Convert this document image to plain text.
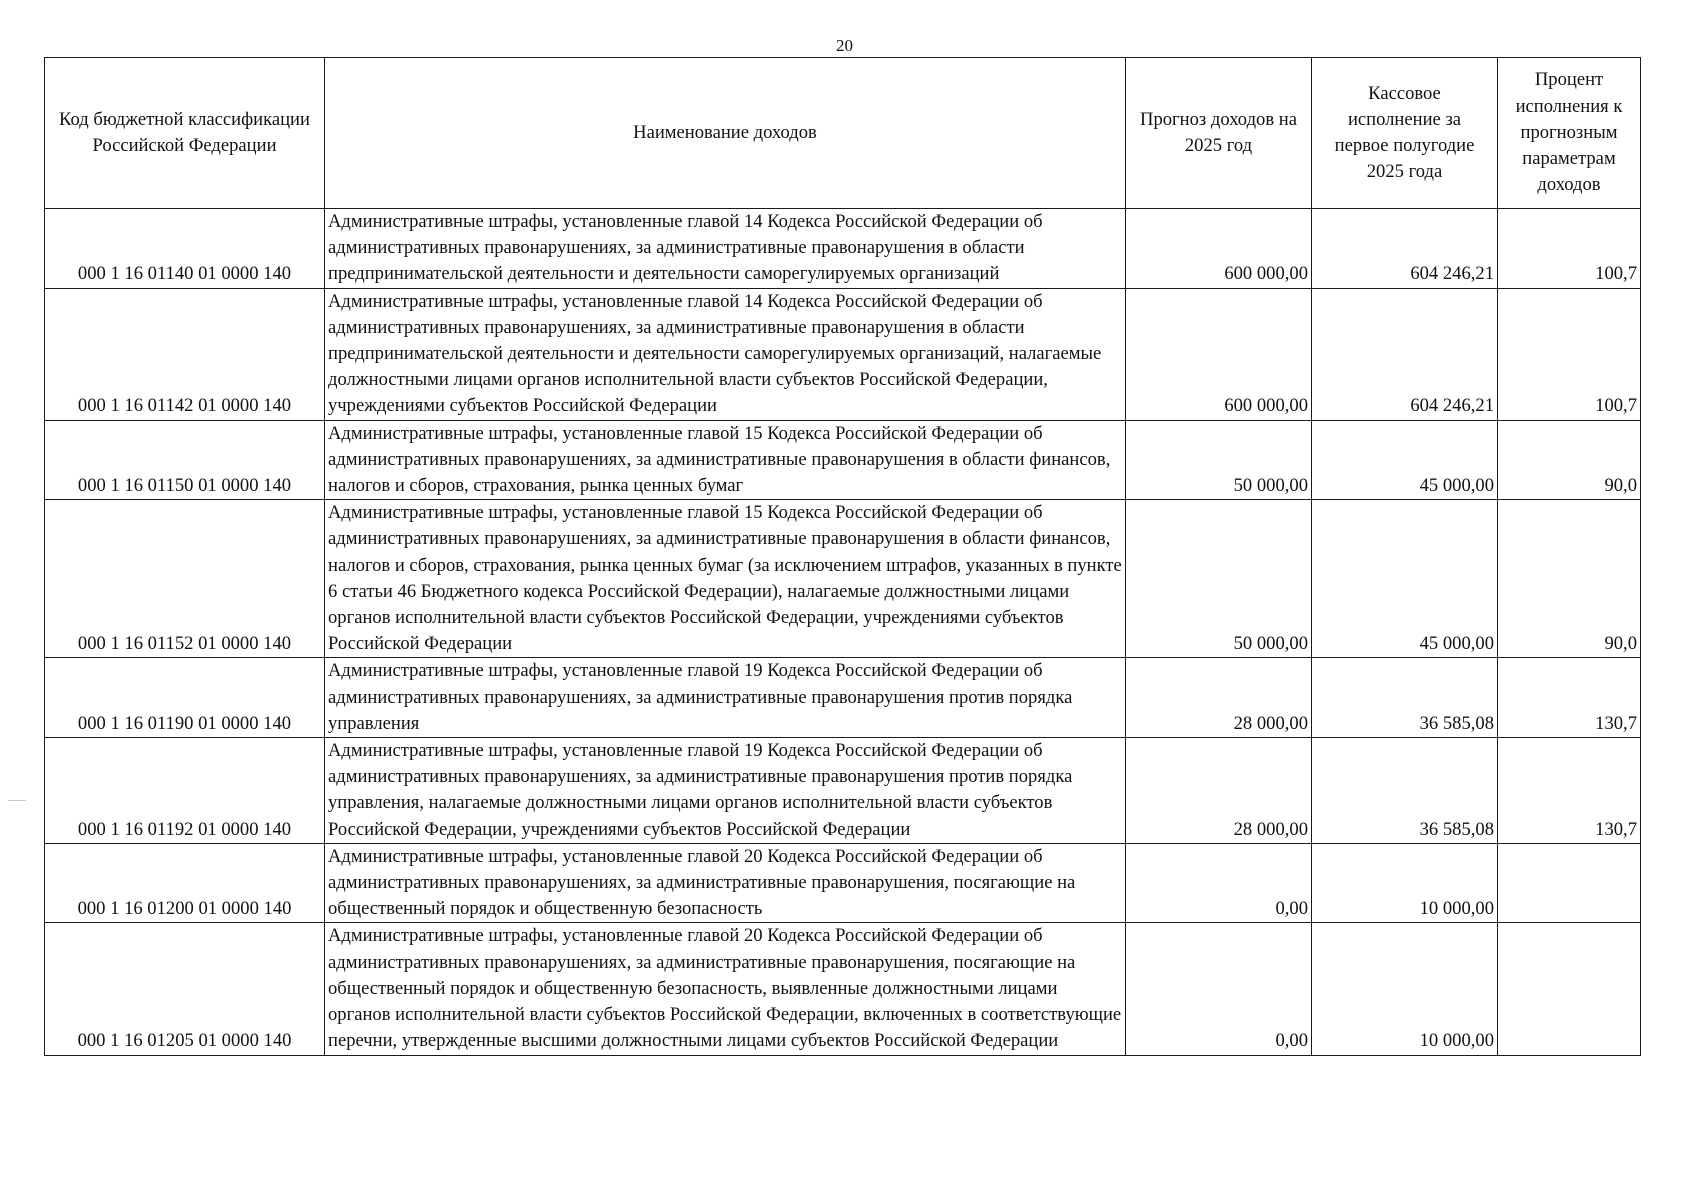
20
Код бюджетной классификации Российской Федерации	Наименование доходов	Прогноз доходов на 2025 год	Кассовое исполнение за первое полугодие 2025 года	Процент исполнения к прогнозным параметрам доходов
000 1 16 01140 01 0000 140	Административные штрафы, установленные главой 14 Кодекса Российской Федерации об административных правонарушениях, за административные правонарушения в области предпринимательской деятельности и деятельности саморегулируемых организаций	600 000,00	604 246,21	100,7
000 1 16 01142 01 0000 140	Административные штрафы, установленные главой 14 Кодекса Российской Федерации об административных правонарушениях, за административные правонарушения в области предпринимательской деятельности и деятельности саморегулируемых организаций, налагаемые должностными лицами органов исполнительной власти субъектов Российской Федерации, учреждениями субъектов Российской Федерации	600 000,00	604 246,21	100,7
000 1 16 01150 01 0000 140	Административные штрафы, установленные главой 15 Кодекса Российской Федерации об административных правонарушениях, за административные правонарушения в области финансов, налогов и сборов, страхования, рынка ценных бумаг	50 000,00	45 000,00	90,0
000 1 16 01152 01 0000 140	Административные штрафы, установленные главой 15 Кодекса Российской Федерации об административных правонарушениях, за административные правонарушения в области финансов, налогов и сборов, страхования, рынка ценных бумаг (за исключением штрафов, указанных в пункте 6 статьи 46 Бюджетного кодекса Российской Федерации), налагаемые должностными лицами органов исполнительной власти субъектов Российской Федерации, учреждениями субъектов Российской Федерации	50 000,00	45 000,00	90,0
000 1 16 01190 01 0000 140	Административные штрафы, установленные главой 19 Кодекса Российской Федерации об административных правонарушениях, за административные правонарушения против порядка управления	28 000,00	36 585,08	130,7
000 1 16 01192 01 0000 140	Административные штрафы, установленные главой 19 Кодекса Российской Федерации об административных правонарушениях, за административные правонарушения против порядка управления, налагаемые должностными лицами органов исполнительной власти субъектов Российской Федерации, учреждениями субъектов Российской Федерации	28 000,00	36 585,08	130,7
000 1 16 01200 01 0000 140	Административные штрафы, установленные главой 20 Кодекса Российской Федерации об административных правонарушениях, за административные правонарушения, посягающие на общественный порядок и общественную безопасность	0,00	10 000,00	
000 1 16 01205 01 0000 140	Административные штрафы, установленные главой 20 Кодекса Российской Федерации об административных правонарушениях, за административные правонарушения, посягающие на общественный порядок и общественную безопасность, выявленные должностными лицами органов исполнительной власти субъектов Российской Федерации, включенных в соответствующие перечни, утвержденные высшими должностными лицами субъектов Российской Федерации	0,00	10 000,00	
